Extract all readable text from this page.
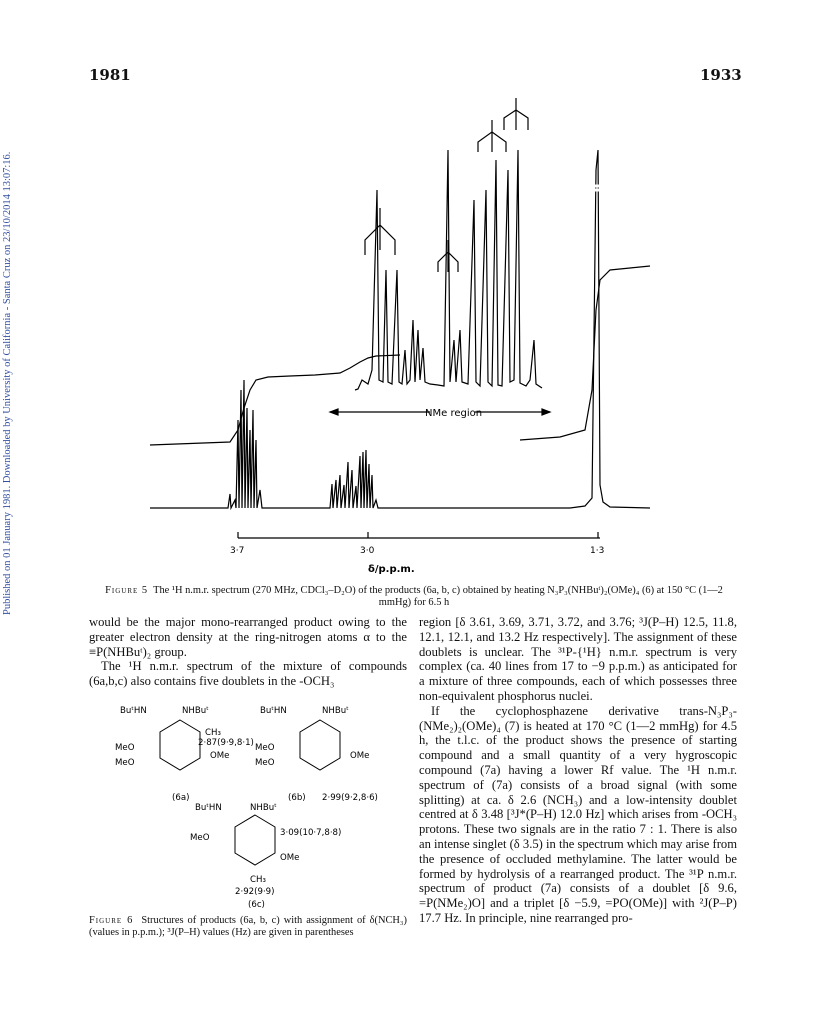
1981	1933
Published on 01 January 1981. Downloaded by University of California - Santa Cruz on 23/10/2014 13:07:16.	NMe region
3·7	3·0	1·3
δ/p.p.m.
Figure 5 The ¹H n.m.r. spectrum (270 MHz, CDCl₃–D₂O) of the products (6a, b, c) obtained by heating N₃P₃(NHBuᵗ)₂(OMe)₄ (6) at 150 °C (1—2 mmHg) for 6.5 h

would be the major mono-rearranged product owing to the greater electron density at the ring-nitrogen atoms α to the ≡P(NHBuᵗ)₂ group.

The ¹H n.m.r. spectrum of the mixture of compounds (6a,b,c) also contains five doublets in the -OCH₃

BuᵗHN	NHBuᵗ	BuᵗHN	NHBuᵗ
MeO
MeO
MeO
MeO
OMe	OMe
CH₃
BuᵗHN	NHBuᵗ
MeO
OMe
CH₃
2·87(9·9,8·1)
(6a)	(6b) 2·99(9·2,8·6)
3·09(10·7,8·8)
2·92(9·9)
(6c)
Figure 6 Structures of products (6a, b, c) with assignment of δ(NCH₃) (values in p.p.m.); ³J(P–H) values (Hz) are given in parentheses

region [δ 3.61, 3.69, 3.71, 3.72, and 3.76; ³J(P–H) 12.5, 11.8, 12.1, 12.1, and 13.2 Hz respectively]. The assignment of these doublets is unclear. The ³¹P-{¹H} n.m.r. spectrum is very complex (ca. 40 lines from 17 to −9 p.p.m.) as anticipated for a mixture of three compounds, each of which possesses three non-equivalent phosphorus nuclei.

If the cyclophosphazene derivative trans-N₃P₃-(NMe₂)₂(OMe)₄ (7) is heated at 170 °C (1—2 mmHg) for 4.5 h, the t.l.c. of the product shows the presence of starting compound and a small quantity of a very hygroscopic compound (7a) having a lower Rf value. The ¹H n.m.r. spectrum of (7a) consists of a broad signal (with some splitting) at ca. δ 2.6 (NCH₃) and a low-intensity doublet centred at δ 3.48 [³J*(P–H) 12.0 Hz] which arises from -OCH₃ protons. These two signals are in the ratio 7 : 1. There is also an intense singlet (δ 3.5) in the spectrum which may arise from the presence of occluded methylamine. The latter would be formed by hydrolysis of a rearranged product. The ³¹P n.m.r. spectrum of product (7a) consists of a doublet [δ 9.6, =P(NMe₂)O] and a triplet [δ −5.9, =PO(OMe)] with ²J(P–P) 17.7 Hz. In principle, nine rearranged pro-
